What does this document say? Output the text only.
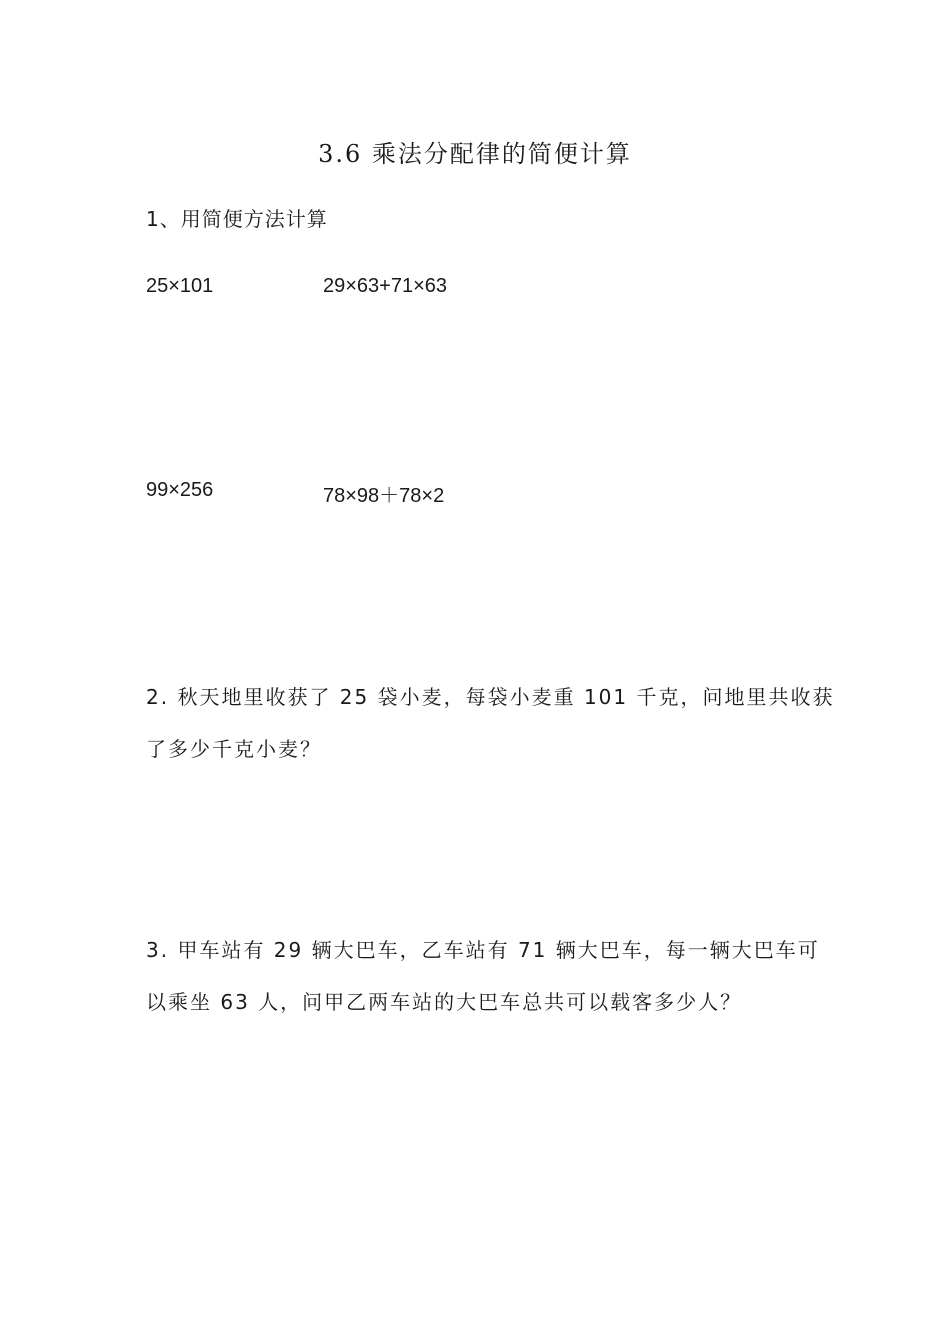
3.6 乘法分配律的简便计算
1、用简便方法计算
25×101	29×63+71×63
99×256	78×98＋78×2
2. 秋天地里收获了 25 袋小麦，每袋小麦重 101 千克，问地里共收获
了多少千克小麦？
3. 甲车站有 29 辆大巴车，乙车站有 71 辆大巴车，每一辆大巴车可
以乘坐 63 人，问甲乙两车站的大巴车总共可以载客多少人？
